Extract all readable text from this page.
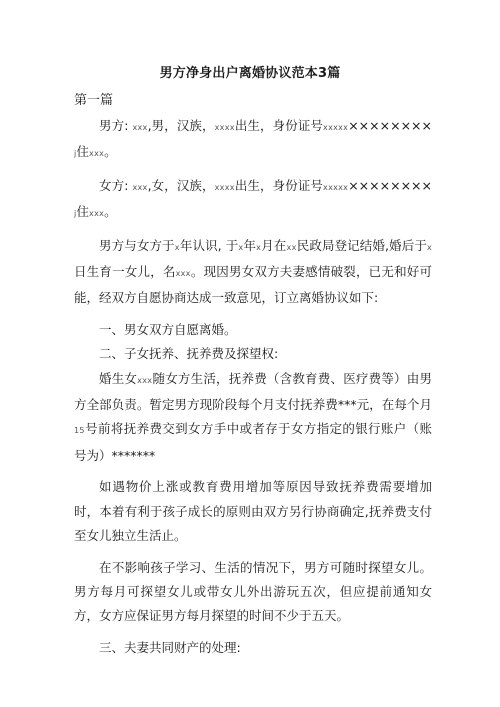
男方净身出户离婚协议范本3篇
第一篇

男方: xxx,男，汉族，xxxx出生，身份证号xxxxx××××××××j住xxx。

女方: xxx,女，汉族，xxxx出生，身份证号xxxxx××××××××j住xxx。

男方与女方于x年认识, 于x年x月在xx民政局登记结婚,婚后于x日生育一女儿，名xxx。现因男女双方夫妻感情破裂，已无和好可能，经双方自愿协商达成一致意见，订立离婚协议如下:

一、男女双方自愿离婚。

二、子女抚养、抚养费及探望权:

婚生女xxx随女方生活，抚养费（含教育费、医疗费等）由男方全部负责。暂定男方现阶段每个月支付抚养费***元，在每个月15号前将抚养费交到女方手中或者存于女方指定的银行账户（账号为）*******

如遇物价上涨或教育费用增加等原因导致抚养费需要增加时，本着有利于孩子成长的原则由双方另行协商确定,抚养费支付至女儿独立生活止。

在不影响孩子学习、生活的情况下，男方可随时探望女儿。男方每月可探望女儿或带女儿外出游玩五次，但应提前通知女方，女方应保证男方每月探望的时间不少于五天。

三、夫妻共同财产的处理:
